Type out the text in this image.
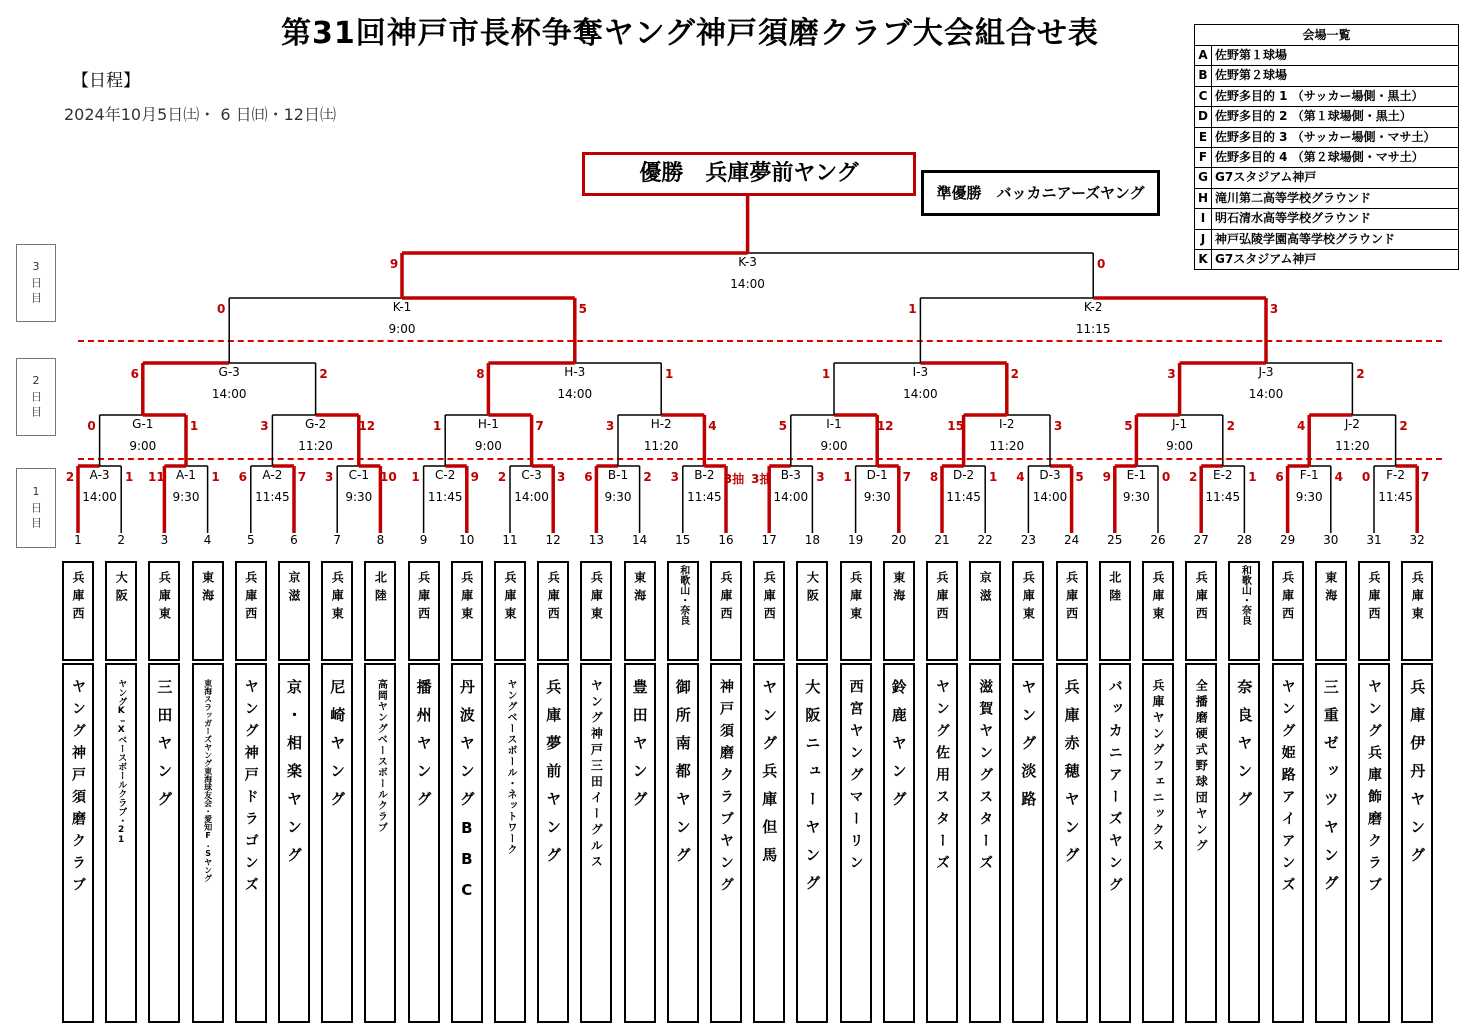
第31回神戸市長杯争奪ヤング神戸須磨クラブ大会組合せ表
【日程】
2024年10月5日㈯・ 6 日㈰・12日㈯
会場一覧
A 佐野第１球場
B 佐野第２球場
C 佐野多目的 1 （サッカー場側・黒土）
D 佐野多目的 2 （第１球場側・黒土）
E 佐野多目的 3 （サッカー場側・マサ土）
F 佐野多目的 4 （第２球場側・マサ土）
G G7スタジアム神戸
H 滝川第二高等学校グラウンド
I 明石清水高等学校グラウンド
J 神戸弘陵学園高等学校グラウンド
K G7スタジアム神戸
優勝　兵庫夢前ヤング
準優勝　バッカニアーズヤング
3日目
2日目
1日目
A-3
14:00
2	1	A-1
9:30
11	1	A-2
11:45
6	7	C-1
9:30
3	10	C-2
11:45
1	9	C-3
14:00
2	3	B-1
9:30
6	2	B-2
11:45
3	3抽	B-3
14:00
3抽	3	D-1
9:30
1	7	D-2
11:45
8	1	D-3
14:00
4	5	E-1
9:30
9	0	E-2
11:45
2	1	F-1
9:30
6	4	F-2
11:45
0	7
G-1
9:00
0	1	G-2
11:20
3	12	H-1
9:00
1	7	H-2
11:20
3	4	I-1
9:00
5	12	I-2
11:20
15	3	J-1
9:00
5	2	J-2
11:20
4	2
G-3
14:00
6	2	H-3
14:00
8	1	I-3
14:00
1	2	J-3
14:00
3	2
K-1
9:00
0	5	K-2
11:15
1	3
K-3
14:00
9	0
1
兵庫西
ヤング神戸須磨クラブ
2
大阪
ヤングKｰXベースボールクラブ・21
3
兵庫東
三田ヤング
4
東海
東海スラッガーズヤング東海球友会・愛知F.Sヤング
5
兵庫西
ヤング神戸ドラゴンズ
6
京滋
京・相楽ヤング
7
兵庫東
尼崎ヤング
8
北陸
高岡ヤングベースボールクラブ
9
兵庫西
播州ヤング
10
兵庫東
丹波ヤングBBC
11
兵庫東
ヤングベースボール・ネットワーク
12
兵庫西
兵庫夢前ヤング
13
兵庫東
ヤング神戸三田イーグルス
14
東海
豊田ヤング
15
和歌山・奈良
御所南都ヤング
16
兵庫西
神戸須磨クラブヤング
17
兵庫西
ヤング兵庫但馬
18
大阪
大阪ニューヤング
19
兵庫東
西宮ヤングマーリン
20
東海
鈴鹿ヤング
21
兵庫西
ヤング佐用スターズ
22
京滋
滋賀ヤングスターズ
23
兵庫東
ヤング淡路
24
兵庫西
兵庫赤穂ヤング
25
北陸
バッカニアーズヤング
26
兵庫東
兵庫ヤングフェニックス
27
兵庫西
全播磨硬式野球団ヤング
28
和歌山・奈良
奈良ヤング
29
兵庫西
ヤング姫路アイアンズ
30
東海
三重ゼッツヤング
31
兵庫西
ヤング兵庫飾磨クラブ
32
兵庫東
兵庫伊丹ヤング
